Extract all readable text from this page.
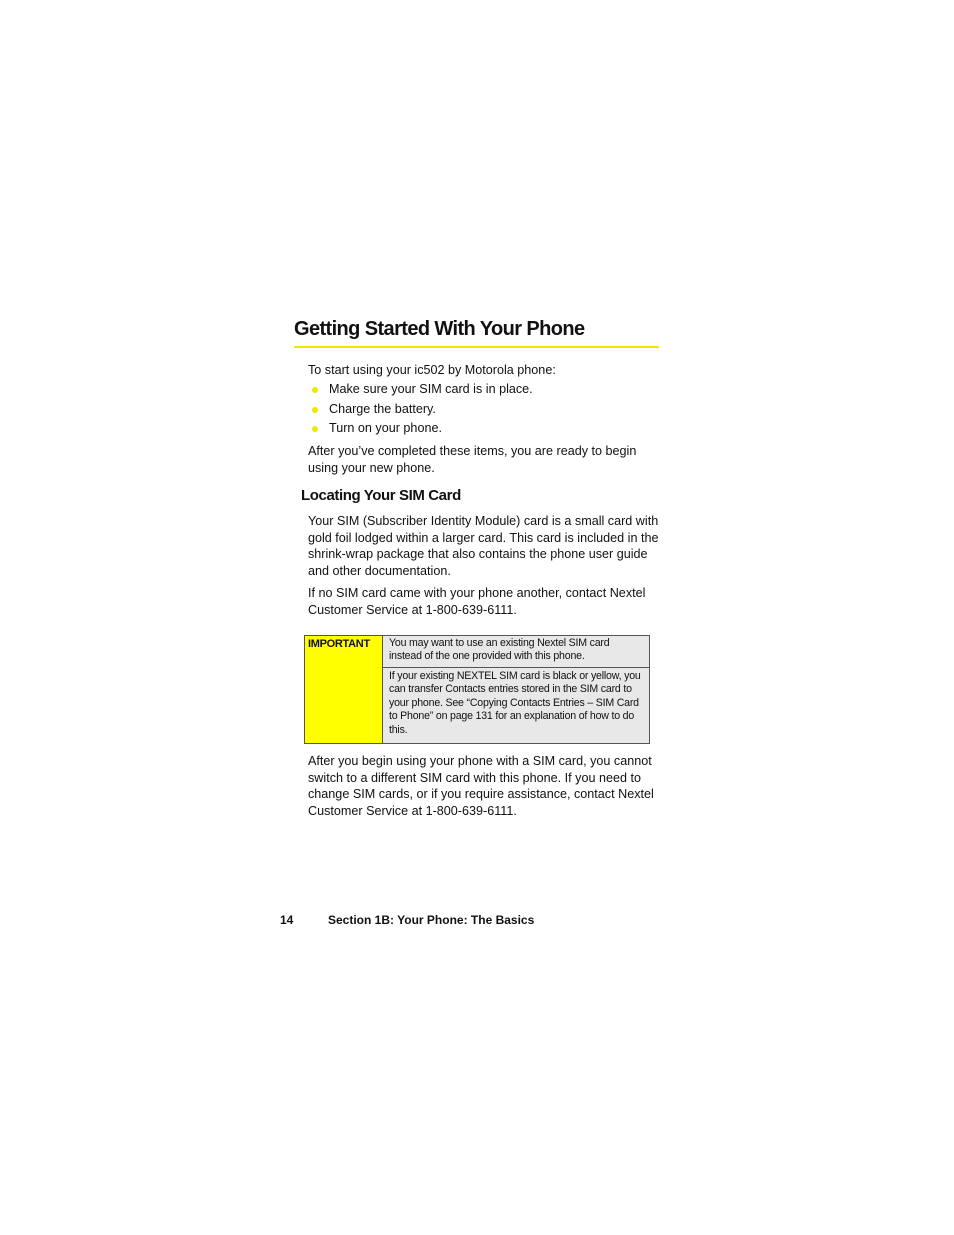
Getting Started With Your Phone

To start using your ic502 by Motorola phone:

Make sure your SIM card is in place.
Charge the battery.
Turn on your phone.

After you’ve completed these items, you are ready to begin using your new phone.

Locating Your SIM Card

Your SIM (Subscriber Identity Module) card is a small card with gold foil lodged within a larger card. This card is included in the shrink-wrap package that also contains the phone user guide and other documentation.

If no SIM card came with your phone another, contact Nextel Customer Service at 1-800-639-6111.

IMPORTANT	You may want to use an existing Nextel SIM card instead of the one provided with this phone.
If your existing NEXTEL SIM card is black or yellow, you can transfer Contacts entries stored in the SIM card to your phone. See “Copying Contacts Entries – SIM Card to Phone” on page 131 for an explanation of how to do this.

After you begin using your phone with a SIM card, you cannot switch to a different SIM card with this phone. If you need to change SIM cards, or if you require assistance, contact Nextel Customer Service at 1-800-639-6111.

14	Section 1B: Your Phone: The Basics
